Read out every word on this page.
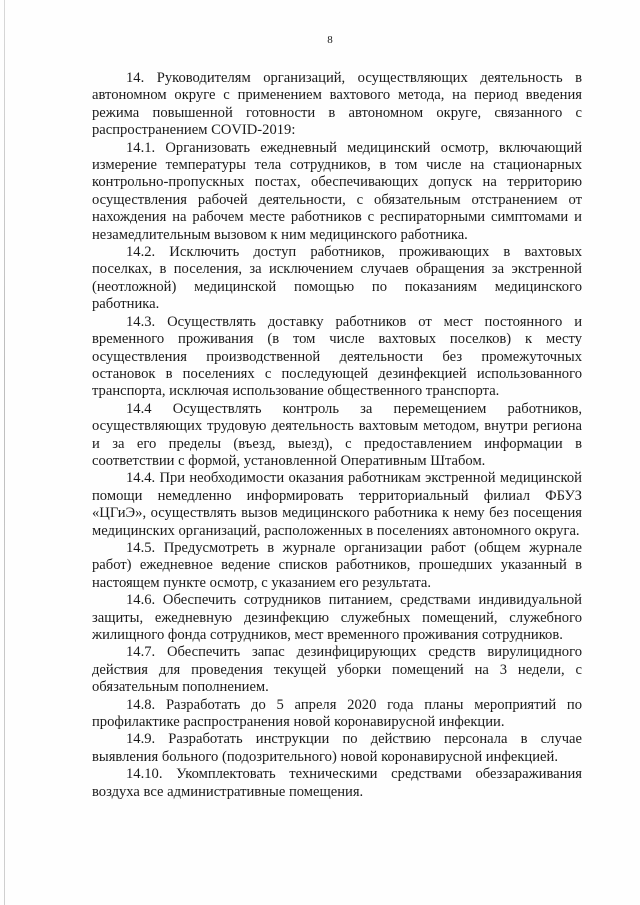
8

14. Руководителям организаций, осуществляющих деятельность в автономном округе с применением вахтового метода, на период введения режима повышенной готовности в автономном округе, связанного с распространением COVID-2019:

14.1. Организовать ежедневный медицинский осмотр, включающий измерение температуры тела сотрудников, в том числе на стационарных контрольно-пропускных постах, обеспечивающих допуск на территорию осуществления рабочей деятельности, с обязательным отстранением от нахождения на рабочем месте работников с респираторными симптомами и незамедлительным вызовом к ним медицинского работника.

14.2. Исключить доступ работников, проживающих в вахтовых поселках, в поселения, за исключением случаев обращения за экстренной (неотложной) медицинской помощью по показаниям медицинского работника.

14.3. Осуществлять доставку работников от мест постоянного и временного проживания (в том числе вахтовых поселков) к месту осуществления производственной деятельности без промежуточных остановок в поселениях с последующей дезинфекцией использованного транспорта, исключая использование общественного транспорта.

14.4 Осуществлять контроль за перемещением работников, осуществляющих трудовую деятельность вахтовым методом, внутри региона и за его пределы (въезд, выезд), с предоставлением информации в соответствии с формой, установленной Оперативным Штабом.

14.4. При необходимости оказания работникам экстренной медицинской помощи немедленно информировать территориальный филиал ФБУЗ «ЦГиЭ», осуществлять вызов медицинского работника к нему без посещения медицинских организаций, расположенных в поселениях автономного округа.

14.5. Предусмотреть в журнале организации работ (общем журнале работ) ежедневное ведение списков работников, прошедших указанный в настоящем пункте осмотр, с указанием его результата.

14.6. Обеспечить сотрудников питанием, средствами индивидуальной защиты, ежедневную дезинфекцию служебных помещений, служебного жилищного фонда сотрудников, мест временного проживания сотрудников.

14.7. Обеспечить запас дезинфицирующих средств вирулицидного действия для проведения текущей уборки помещений на 3 недели, с обязательным пополнением.

14.8. Разработать до 5 апреля 2020 года планы мероприятий по профилактике распространения новой коронавирусной инфекции.

14.9. Разработать инструкции по действию персонала в случае выявления больного (подозрительного) новой коронавирусной инфекцией.

14.10. Укомплектовать техническими средствами обеззараживания воздуха все административные помещения.
